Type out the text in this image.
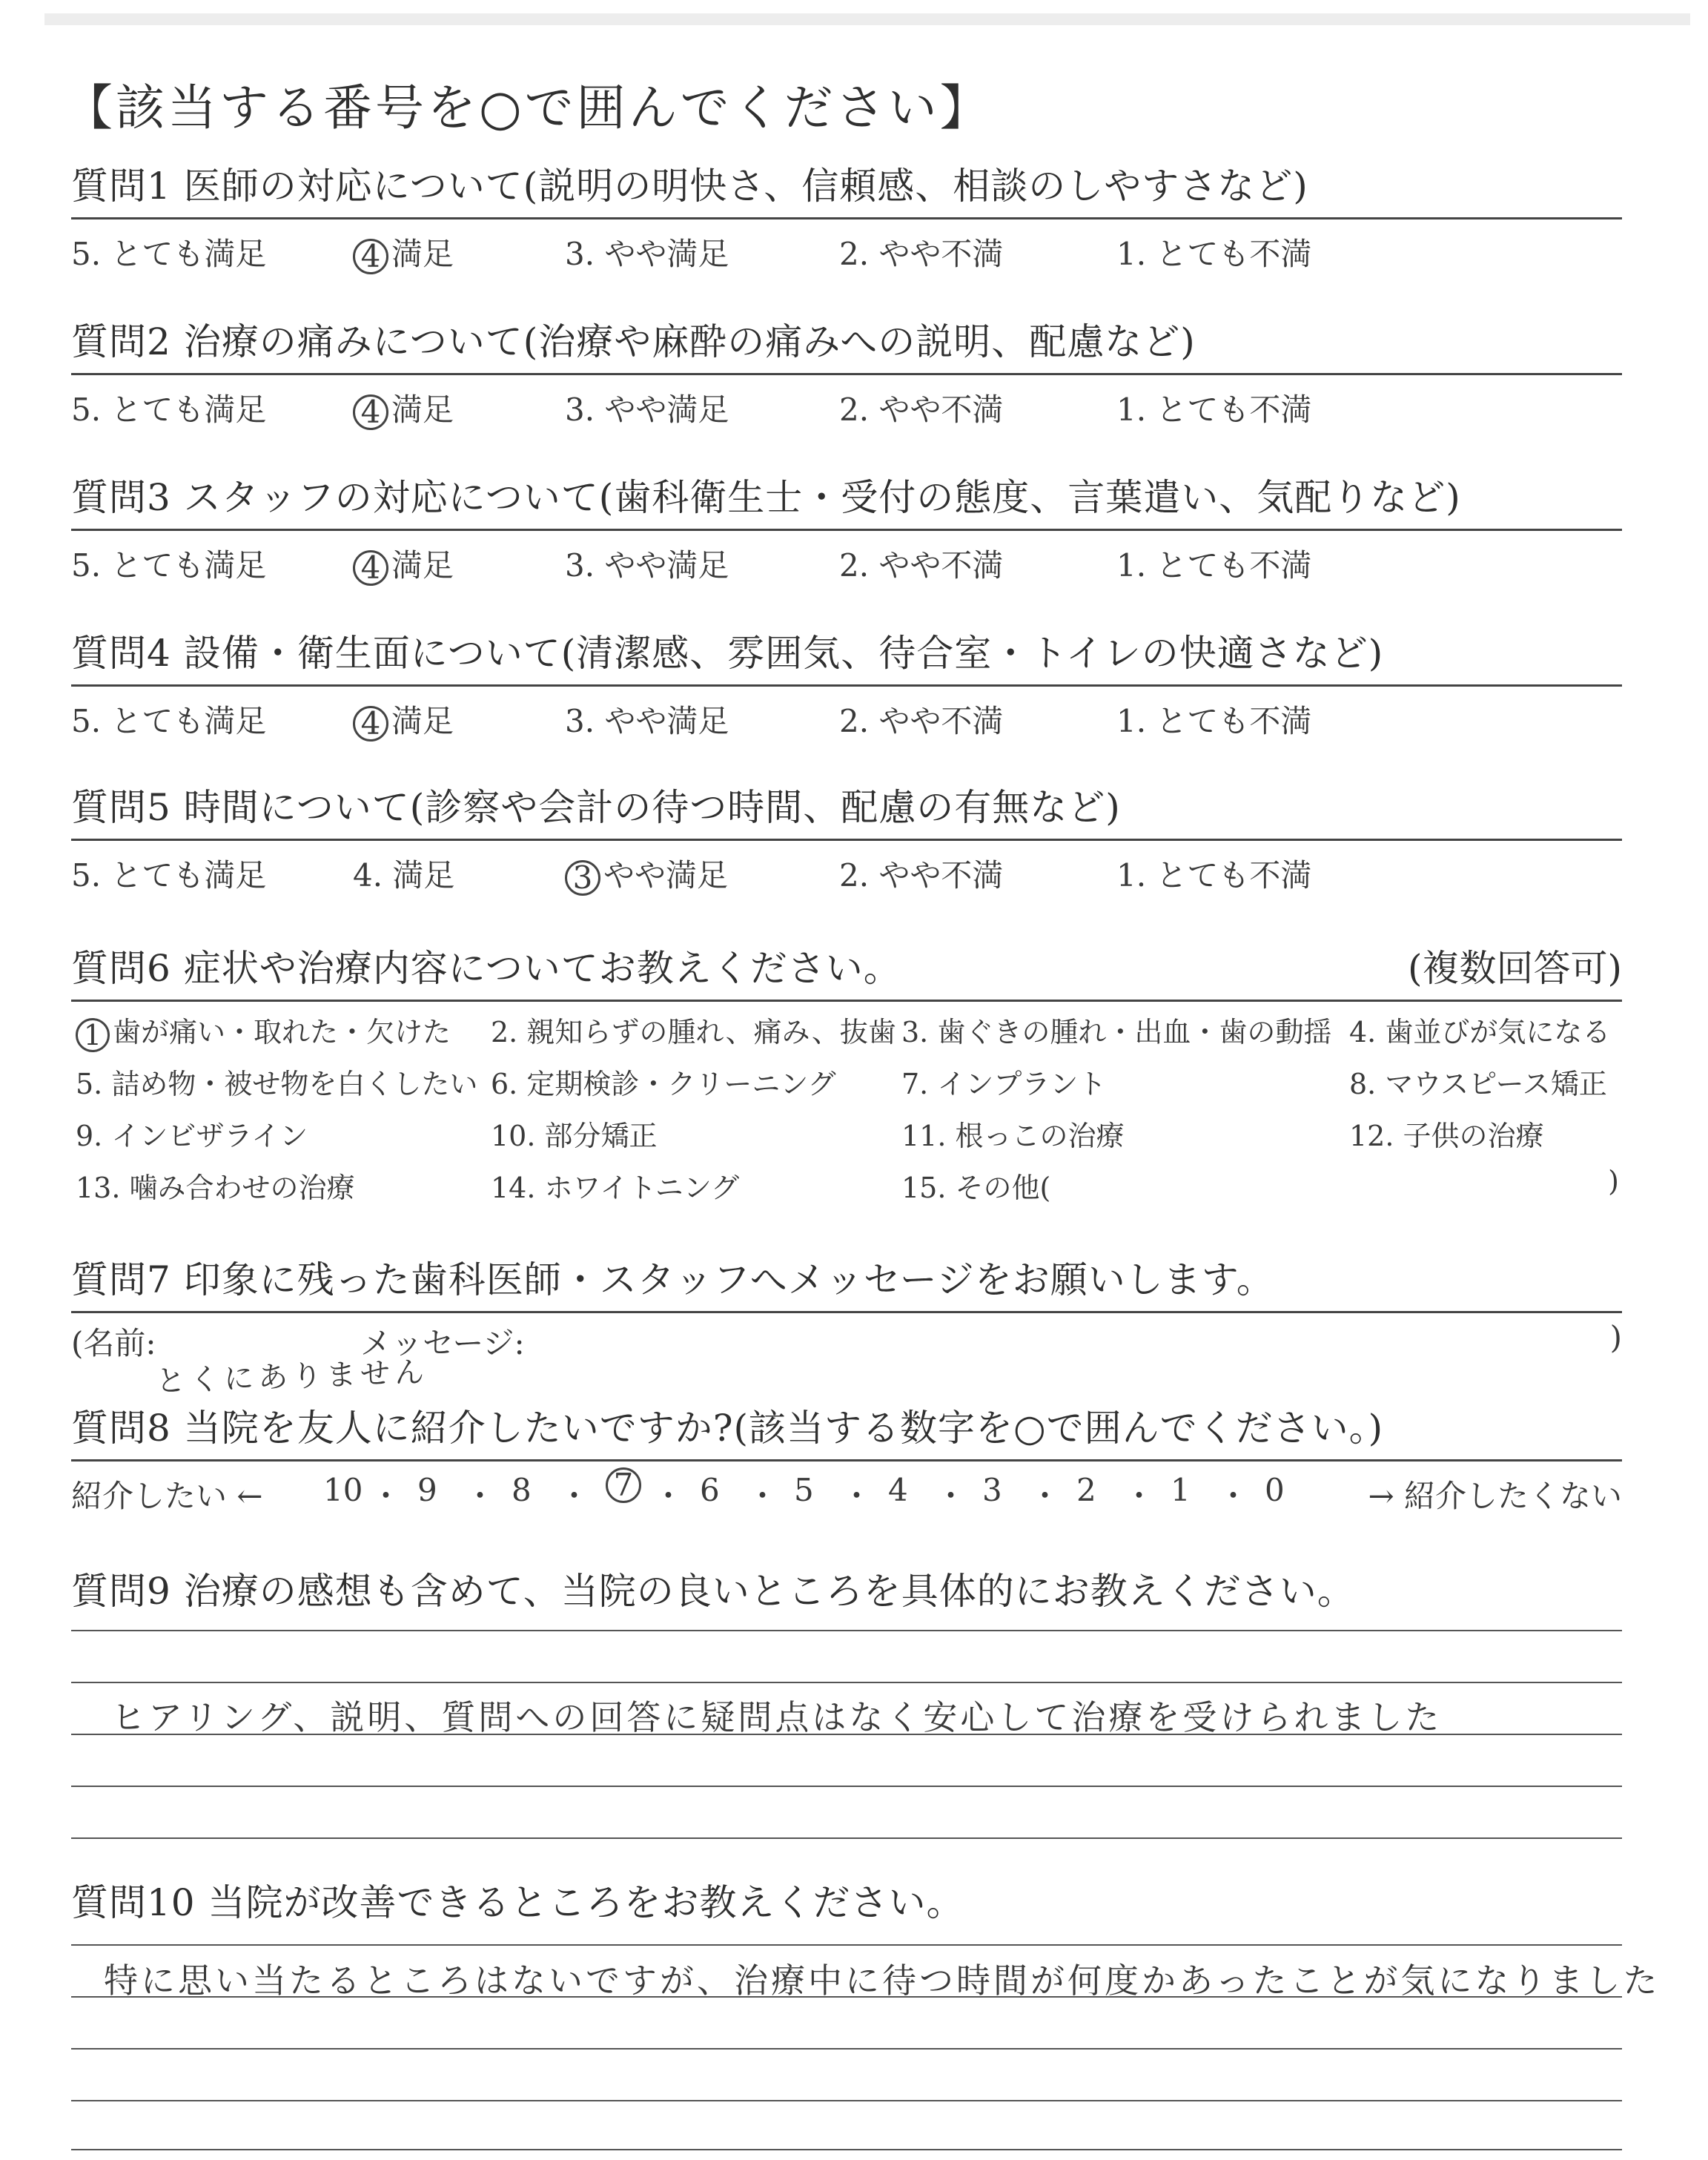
【該当する番号を○で囲んでください】
質問1 医師の対応について(説明の明快さ、信頼感、相談のしやすさなど)
5. とても満足	4 満足	3. やや満足	2. やや不満	1. とても不満
質問2 治療の痛みについて(治療や麻酔の痛みへの説明、配慮など)
5. とても満足	4 満足	3. やや満足	2. やや不満	1. とても不満
質問3 スタッフの対応について(歯科衛生士・受付の態度、言葉遣い、気配りなど)
5. とても満足	4 満足	3. やや満足	2. やや不満	1. とても不満
質問4 設備・衛生面について(清潔感、雰囲気、待合室・トイレの快適さなど)
5. とても満足	4 満足	3. やや満足	2. やや不満	1. とても不満
質問5 時間について(診察や会計の待つ時間、配慮の有無など)
5. とても満足	4. 満足	3 やや満足	2. やや不満	1. とても不満
質問6 症状や治療内容についてお教えください。	(複数回答可)
1 歯が痛い・取れた・欠けた 2. 親知らずの腫れ、痛み、抜歯 3. 歯ぐきの腫れ・出血・歯の動揺 4. 歯並びが気になる
5. 詰め物・被せ物を白くしたい 6. 定期検診・クリーニング 7. インプラント	8. マウスピース矯正
9. インビザライン	10. 部分矯正	11. 根っこの治療	12. 子供の治療
13. 噛み合わせの治療	14. ホワイトニング	15. その他(	)
質問7 印象に残った歯科医師・スタッフへメッセージをお願いします。
(名前:	メッセージ:	)
とくにありません
質問8 当院を友人に紹介したいですか?(該当する数字を○で囲んでください。)
紹介したい ←	→ 紹介したくない
10 ・ 9 ・ 8 ・ 7 ・ 6 ・ 5 ・ 4 ・ 3 ・ 2 ・ 1 ・ 0
質問9 治療の感想も含めて、当院の良いところを具体的にお教えください。
ヒアリング、説明、質問への回答に疑問点はなく安心して治療を受けられました
質問10 当院が改善できるところをお教えください。
特に思い当たるところはないですが、治療中に待つ時間が何度かあったことが気になりました
